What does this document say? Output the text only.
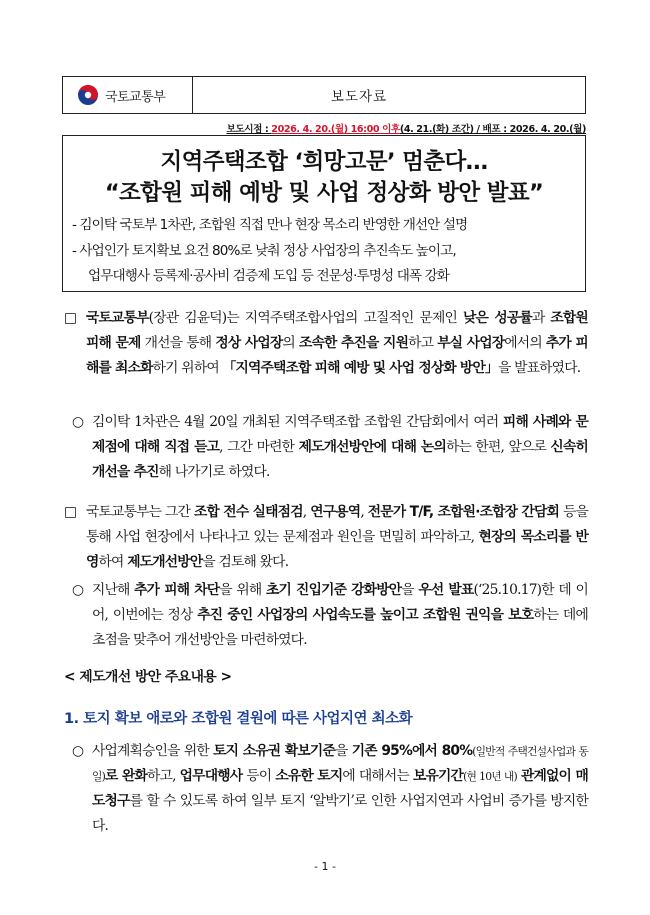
국토교통부	보도자료
보도시점 : 2026. 4. 20.(월) 16:00 이후(4. 21.(화) 조간) / 배포 : 2026. 4. 20.(월)
지역주택조합 ‘희망고문’ 멈춘다…
“조합원 피해 예방 및 사업 정상화 방안 발표”
- 김이탁 국토부 1차관, 조합원 직접 만나 현장 목소리 반영한 개선안 설명
- 사업인가 토지확보 요건 80%로 낮춰 정상 사업장의 추진속도 높이고,
업무대행사 등록제·공사비 검증제 도입 등 전문성·투명성 대폭 강화
□ 국토교통부(장관 김윤덕)는 지역주택조합사업의 고질적인 문제인 낮은 성공률과 조합원 피해 문제 개선을 통해 정상 사업장의 조속한 추진을 지원하고 부실 사업장에서의 추가 피해를 최소화하기 위하여 「지역주택조합 피해 예방 및 사업 정상화 방안」을 발표하였다.
○ 김이탁 1차관은 4월 20일 개최된 지역주택조합 조합원 간담회에서 여러 피해 사례와 문제점에 대해 직접 듣고, 그간 마련한 제도개선방안에 대해 논의하는 한편, 앞으로 신속히 개선을 추진해 나가기로 하였다.
□ 국토교통부는 그간 조합 전수 실태점검, 연구용역, 전문가 T/F, 조합원·조합장 간담회 등을 통해 사업 현장에서 나타나고 있는 문제점과 원인을 면밀히 파악하고, 현장의 목소리를 반영하여 제도개선방안을 검토해 왔다.
○ 지난해 추가 피해 차단을 위해 초기 진입기준 강화방안을 우선 발표(‘25.10.17)한 데 이어, 이번에는 정상 추진 중인 사업장의 사업속도를 높이고 조합원 권익을 보호하는 데에 초점을 맞추어 개선방안을 마련하였다.
< 제도개선 방안 주요내용 >
1. 토지 확보 애로와 조합원 결원에 따른 사업지연 최소화
○ 사업계획승인을 위한 토지 소유권 확보기준을 기존 95%에서 80%(일반적 주택건설사업과 동일)로 완화하고, 업무대행사 등이 소유한 토지에 대해서는 보유기간(현 10년 내) 관계없이 매도청구를 할 수 있도록 하여 일부 토지 ‘알박기’로 인한 사업지연과 사업비 증가를 방지한다.
- 1 -
